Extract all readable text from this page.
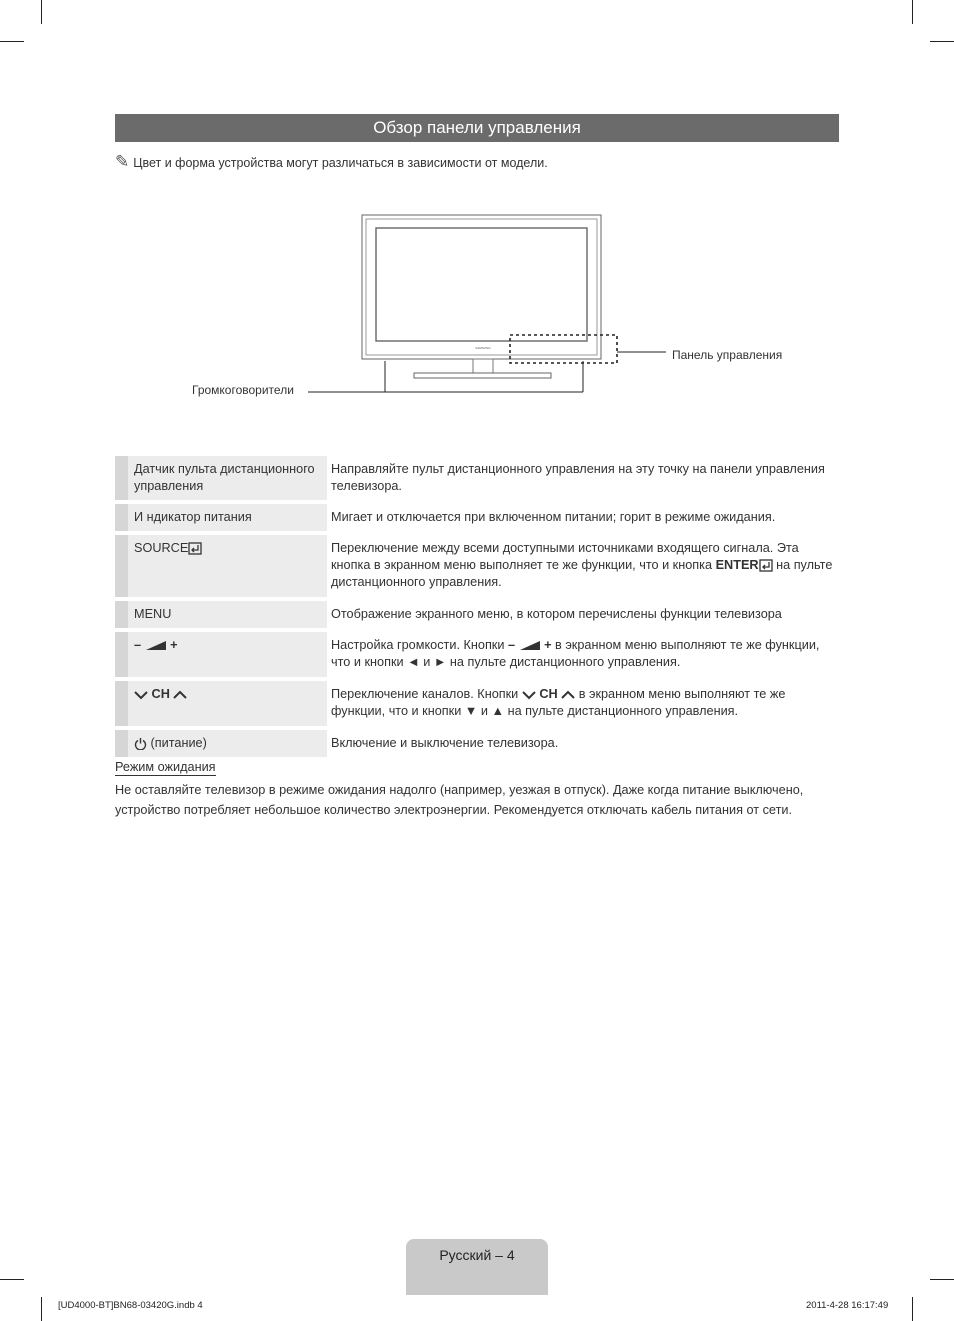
Обзор панели управления
✎ Цвет и форма устройства могут различаться в зависимости от модели.
SAMSUNG	Панель управления
Громкоговорители
	Датчик пульта дистанционного управления	Направляйте пульт дистанционного управления на эту точку на панели управления телевизора.
	И ндикатор питания	Мигает и отключается при включенном питании; горит в режиме ожидания.
	SOURCE	Переключение между всеми доступными источниками входящего сигнала. Эта кнопка в экранном меню выполняет те же функции, что и кнопка ENTER на пульте дистанционного управления.
	MENU	Отображение экранного меню, в котором перечислены функции телевизора
	– +	Настройка громкости. Кнопки – + в экранном меню выполняют те же функции, что и кнопки ◄ и ► на пульте дистанционного управления.
	CH	Переключение каналов. Кнопки  CH  в экранном меню выполняют те же функции, что и кнопки ▼ и ▲ на пульте дистанционного управления.
	(питание)	Включение и выключение телевизора.
Режим ожидания
Не оставляйте телевизор в режиме ожидания надолго (например, уезжая в отпуск). Даже когда питание выключено, устройство потребляет небольшое количество электроэнергии. Рекомендуется отключать кабель питания от сети.
Русский – 4
[UD4000-BT]BN68-03420G.indb 4	2011-4-28 16:17:49
